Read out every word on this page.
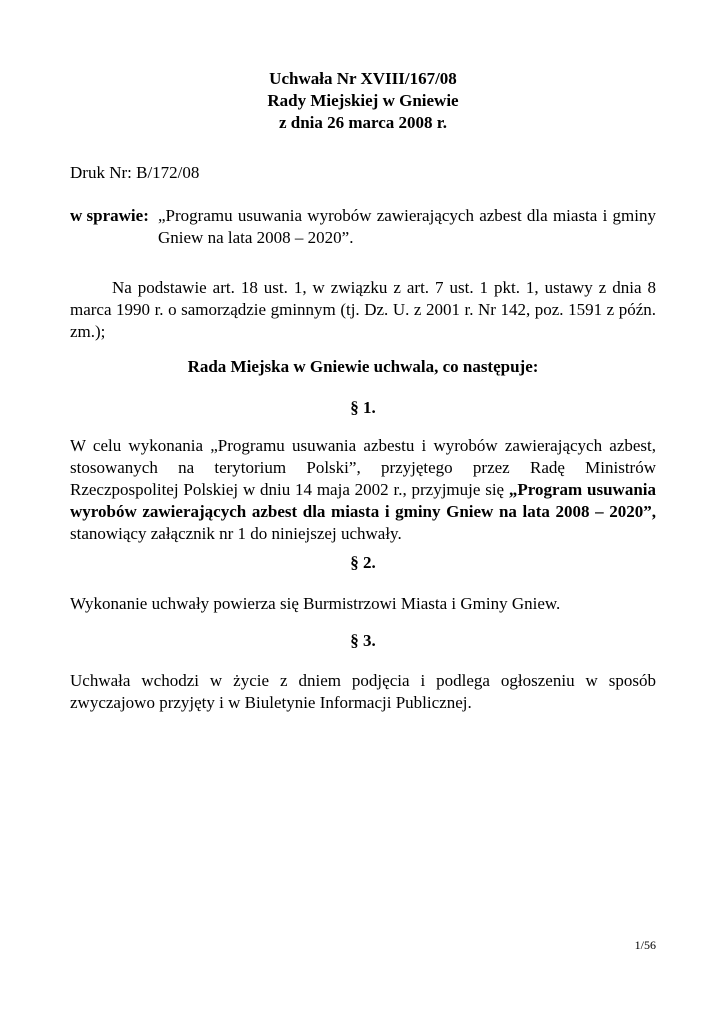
Uchwała Nr XVIII/167/08
Rady Miejskiej w Gniewie
z dnia 26 marca 2008 r.
Druk Nr: B/172/08
w sprawie: „Programu usuwania wyrobów zawierających azbest dla miasta i gminy Gniew na lata 2008 – 2020”.
Na podstawie art. 18 ust. 1, w związku z art. 7 ust. 1 pkt. 1, ustawy z dnia 8 marca 1990 r. o samorządzie gminnym (tj. Dz. U. z 2001 r. Nr 142, poz. 1591 z późn. zm.);
Rada Miejska w Gniewie uchwala, co następuje:
§ 1.
W celu wykonania „Programu usuwania azbestu i wyrobów zawierających azbest, stosowanych na terytorium Polski”, przyjętego przez Radę Ministrów Rzeczpospolitej Polskiej w dniu 14 maja 2002 r., przyjmuje się „Program usuwania wyrobów zawierających azbest dla miasta i gminy Gniew na lata 2008 – 2020”, stanowiący załącznik nr 1 do niniejszej uchwały.
§ 2.
Wykonanie uchwały powierza się Burmistrzowi Miasta i Gminy Gniew.
§ 3.
Uchwała wchodzi w życie z dniem podjęcia i podlega ogłoszeniu w sposób zwyczajowo przyjęty i w Biuletynie Informacji Publicznej.
1/56
